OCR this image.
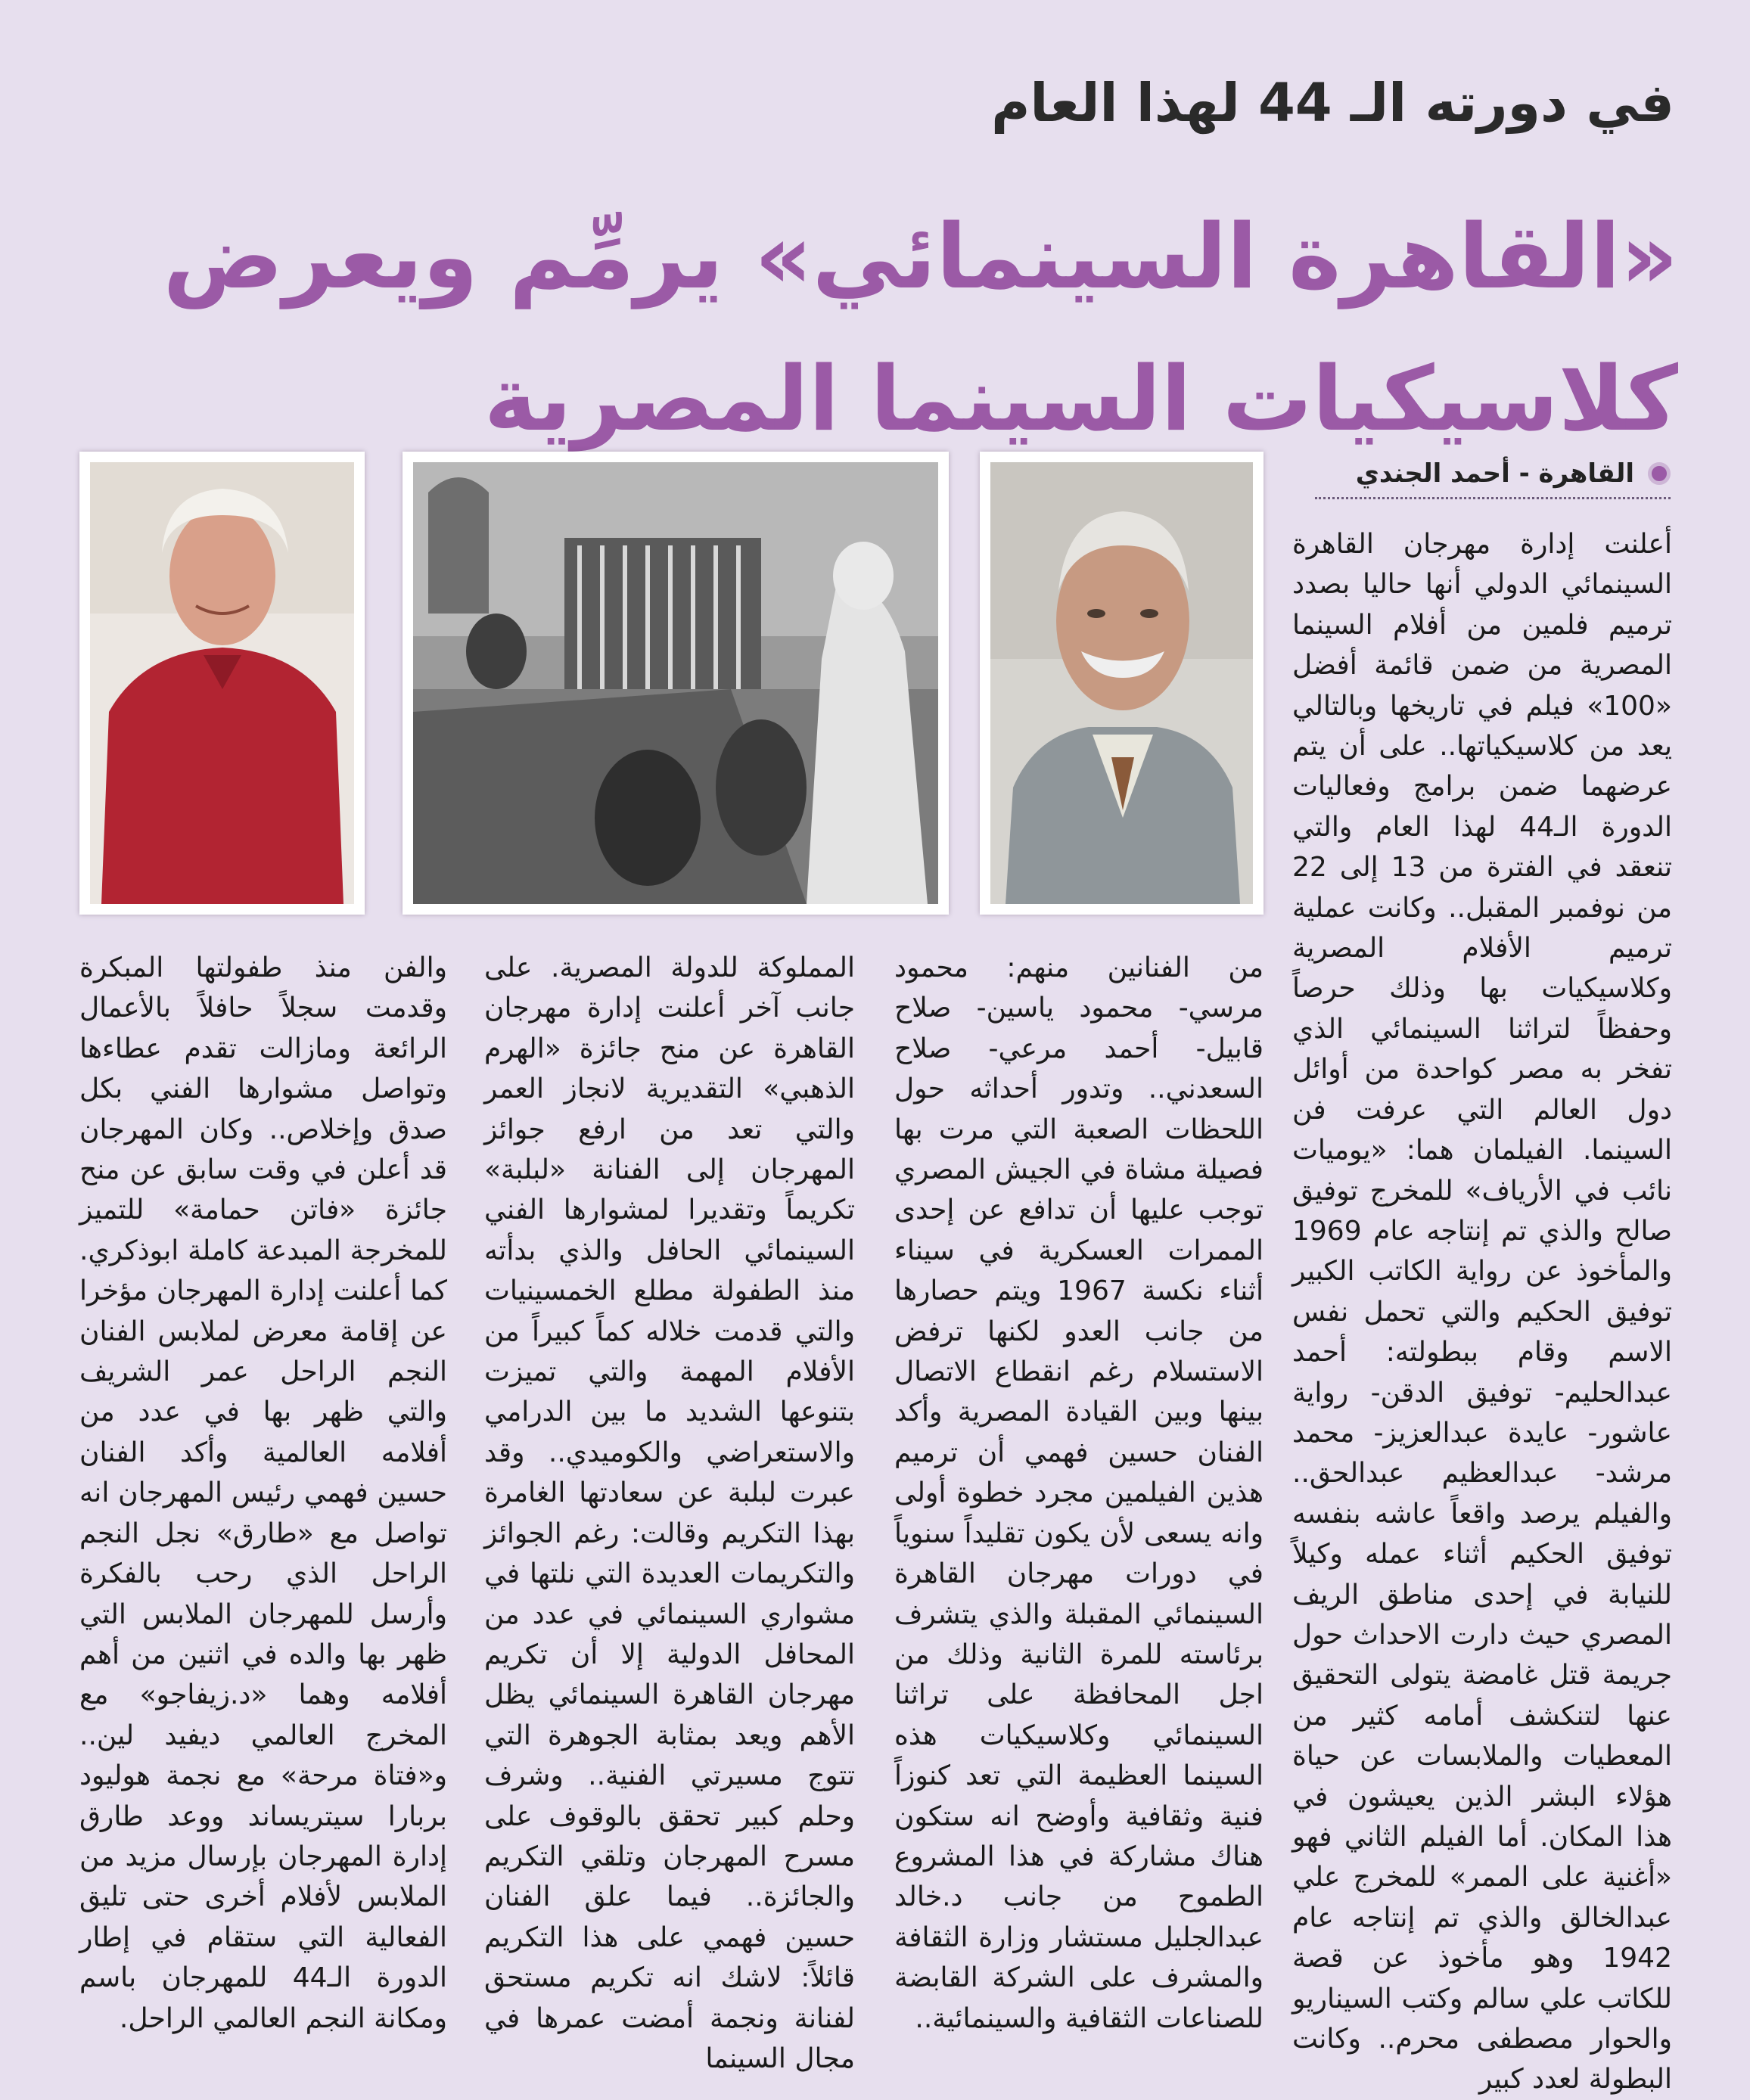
في دورته الـ 44 لهذا العام
«القاهرة السينمائي» يرمِّم ويعرض كلاسيكيات السينما المصرية
القاهرة - أحمد الجندي

أعلنت إدارة مهرجان القاهرة السينمائي الدولي أنها حاليا بصدد ترميم فلمين من أفلام السينما المصرية من ضمن قائمة أفضل «100» فيلم في تاريخها وبالتالي يعد من كلاسيكياتها.. على أن يتم عرضهما ضمن برامج وفعاليات الدورة الـ44 لهذا العام والتي تنعقد في الفترة من 13 إلى 22 من نوفمبر المقبل.. وكانت عملية ترميم الأفلام المصرية وكلاسيكيات بها وذلك حرصاً وحفظاً لتراثنا السينمائي الذي تفخر به مصر كواحدة من أوائل دول العالم التي عرفت فن السينما. الفيلمان هما: «يوميات نائب في الأرياف» للمخرج توفيق صالح والذي تم إنتاجه عام 1969 والمأخوذ عن رواية الكاتب الكبير توفيق الحكيم والتي تحمل نفس الاسم وقام ببطولته: أحمد عبدالحليم- توفيق الدقن- رواية عاشور- عايدة عبدالعزيز- محمد مرشد- عبدالعظيم عبدالحق.. والفيلم يرصد واقعاً عاشه بنفسه توفيق الحكيم أثناء عمله وكيلاً للنيابة في إحدى مناطق الريف المصري حيث دارت الاحداث حول جريمة قتل غامضة يتولى التحقيق عنها لتنكشف أمامه كثير من المعطيات والملابسات عن حياة هؤلاء البشر الذين يعيشون في هذا المكان. أما الفيلم الثاني فهو «أغنية على الممر» للمخرج علي عبدالخالق والذي تم إنتاجه عام 1942 وهو مأخوذ عن قصة للكاتب علي سالم وكتب السيناريو والحوار مصطفى محرم.. وكانت البطولة لعدد كبير

من الفنانين منهم: محمود مرسي- محمود ياسين- صلاح قابيل- أحمد مرعي- صلاح السعدني.. وتدور أحداثه حول اللحظات الصعبة التي مرت بها فصيلة مشاة في الجيش المصري توجب عليها أن تدافع عن إحدى الممرات العسكرية في سيناء أثناء نكسة 1967 ويتم حصارها من جانب العدو لكنها ترفض الاستسلام رغم انقطاع الاتصال بينها وبين القيادة المصرية وأكد الفنان حسين فهمي أن ترميم هذين الفيلمين مجرد خطوة أولى وانه يسعى لأن يكون تقليداً سنوياً في دورات مهرجان القاهرة السينمائي المقبلة والذي يتشرف برئاسته للمرة الثانية وذلك من اجل المحافظة على تراثنا السينمائي وكلاسيكيات هذه السينما العظيمة التي تعد كنوزاً فنية وثقافية وأوضح انه ستكون هناك مشاركة في هذا المشروع الطموح من جانب د.خالد عبدالجليل مستشار وزارة الثقافة والمشرف على الشركة القابضة للصناعات الثقافية والسينمائية..

المملوكة للدولة المصرية. على جانب آخر أعلنت إدارة مهرجان القاهرة عن منح جائزة «الهرم الذهبي» التقديرية لانجاز العمر والتي تعد من ارفع جوائز المهرجان إلى الفنانة «لبلبة» تكريماً وتقديرا لمشوارها الفني السينمائي الحافل والذي بدأته منذ الطفولة مطلع الخمسينيات والتي قدمت خلاله كماً كبيراً من الأفلام المهمة والتي تميزت بتنوعها الشديد ما بين الدرامي والاستعراضي والكوميدي.. وقد عبرت لبلبة عن سعادتها الغامرة بهذا التكريم وقالت: رغم الجوائز والتكريمات العديدة التي نلتها في مشواري السينمائي في عدد من المحافل الدولية إلا أن تكريم مهرجان القاهرة السينمائي يظل الأهم ويعد بمثابة الجوهرة التي تتوج مسيرتي الفنية.. وشرف وحلم كبير تحقق بالوقوف على مسرح المهرجان وتلقي التكريم والجائزة.. فيما علق الفنان حسين فهمي على هذا التكريم قائلاً: لاشك انه تكريم مستحق لفنانة ونجمة أمضت عمرها في مجال السينما

والفن منذ طفولتها المبكرة وقدمت سجلاً حافلاً بالأعمال الرائعة ومازالت تقدم عطاءها وتواصل مشوارها الفني بكل صدق وإخلاص.. وكان المهرجان قد أعلن في وقت سابق عن منح جائزة «فاتن حمامة» للتميز للمخرجة المبدعة كاملة ابوذكري. كما أعلنت إدارة المهرجان مؤخرا عن إقامة معرض لملابس الفنان النجم الراحل عمر الشريف والتي ظهر بها في عدد من أفلامه العالمية وأكد الفنان حسين فهمي رئيس المهرجان انه تواصل مع «طارق» نجل النجم الراحل الذي رحب بالفكرة وأرسل للمهرجان الملابس التي ظهر بها والده في اثنين من أهم أفلامه وهما «د.زيفاجو» مع المخرج العالمي ديفيد لين.. و«فتاة مرحة» مع نجمة هوليود بربارا سيتريساند ووعد طارق إدارة المهرجان بإرسال مزيد من الملابس لأفلام أخرى حتى تليق الفعالية التي ستقام في إطار الدورة الـ44 للمهرجان باسم ومكانة النجم العالمي الراحل.
